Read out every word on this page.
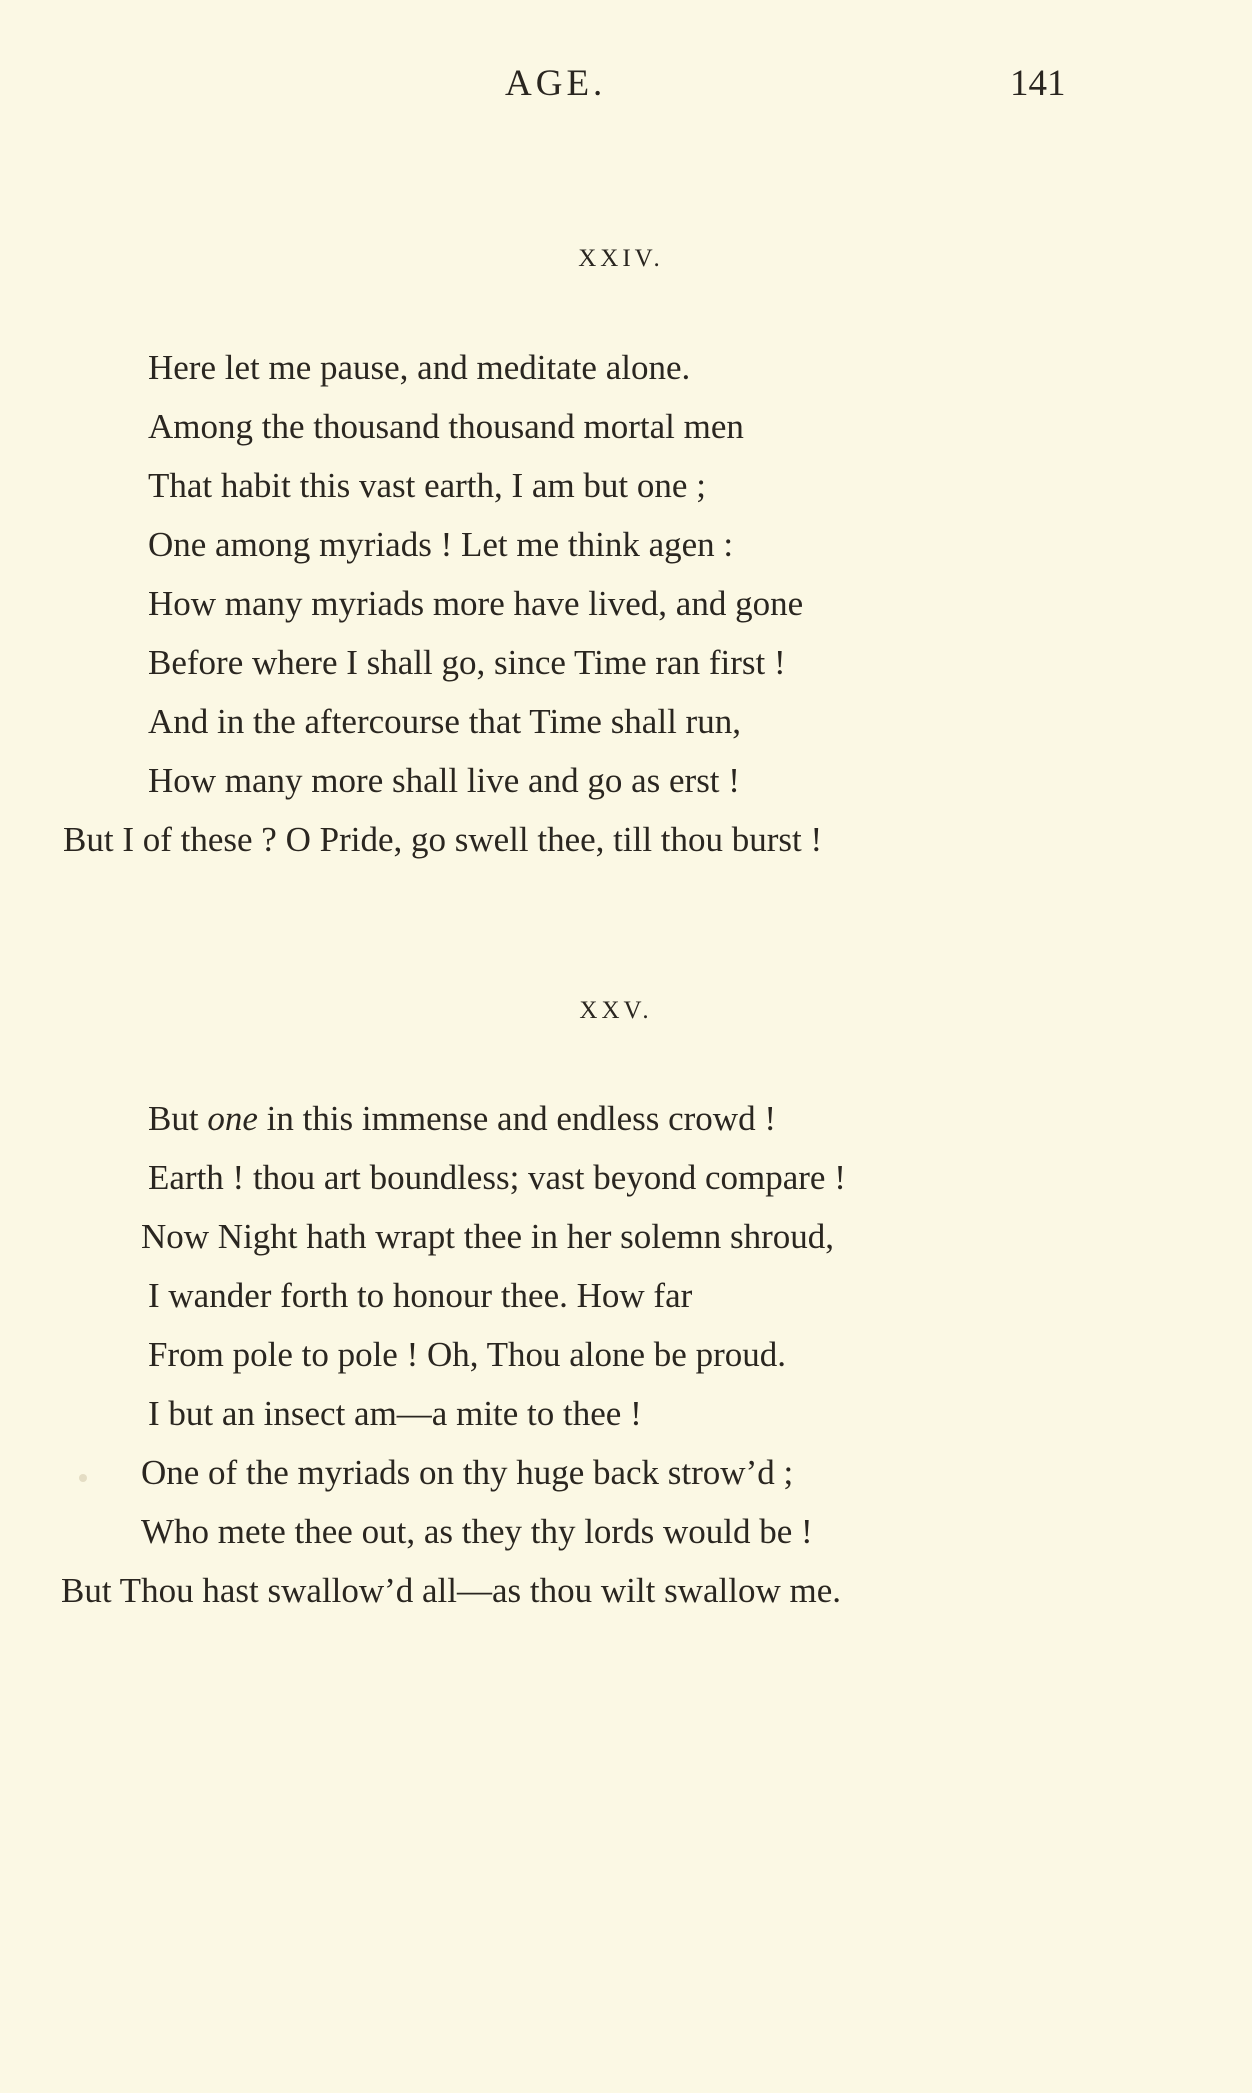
AGE.	141
XXIV.
Here let me pause, and meditate alone.
Among the thousand thousand mortal men
That habit this vast earth, I am but one ;
One among myriads ! Let me think agen :
How many myriads more have lived, and gone
Before where I shall go, since Time ran first !
And in the aftercourse that Time shall run,
How many more shall live and go as erst !
But I of these ? O Pride, go swell thee, till thou burst !
XXV.
But one in this immense and endless crowd !
Earth ! thou art boundless; vast beyond compare !
Now Night hath wrapt thee in her solemn shroud,
I wander forth to honour thee. How far
From pole to pole ! Oh, Thou alone be proud.
I but an insect am—a mite to thee !
One of the myriads on thy huge back strow’d ;
Who mete thee out, as they thy lords would be !
But Thou hast swallow’d all—as thou wilt swallow me.
